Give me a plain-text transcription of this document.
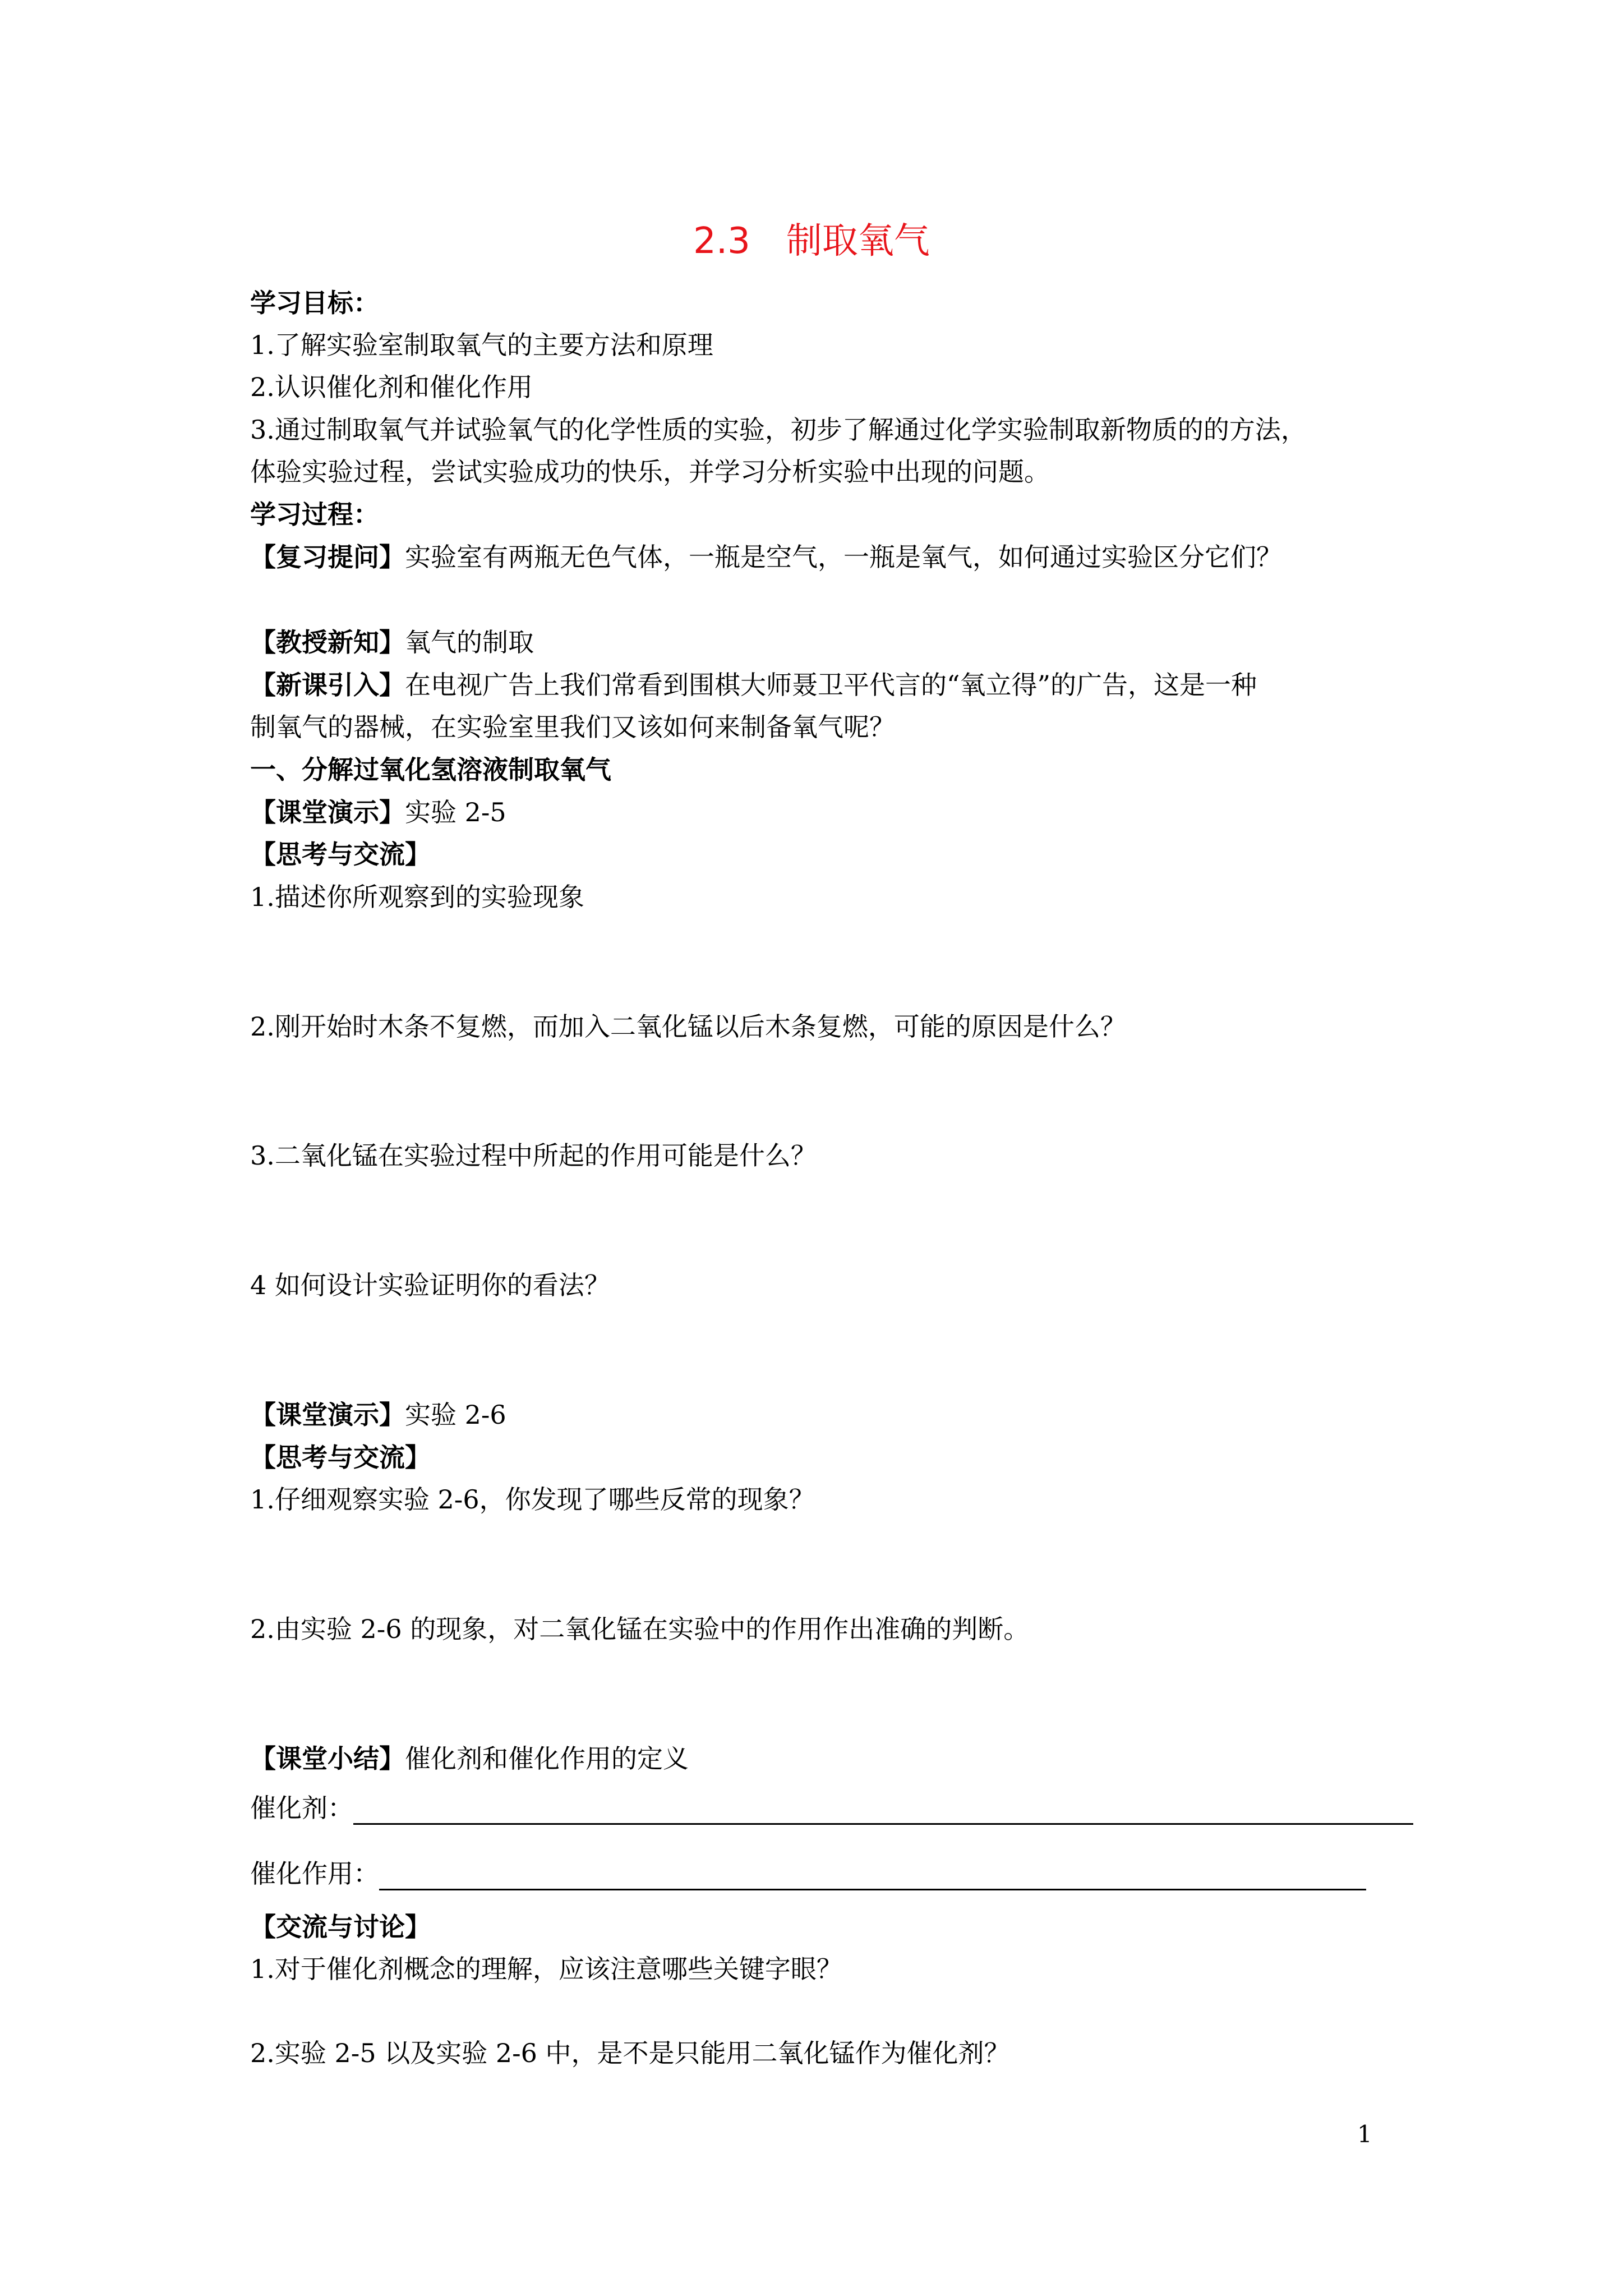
2.3　制取氧气
学习目标：
1.了解实验室制取氧气的主要方法和原理
2.认识催化剂和催化作用
3.通过制取氧气并试验氧气的化学性质的实验，初步了解通过化学实验制取新物质的的方法，
体验实验过程，尝试实验成功的快乐，并学习分析实验中出现的问题。
学习过程：
【复习提问】实验室有两瓶无色气体，一瓶是空气，一瓶是氧气，如何通过实验区分它们？
【教授新知】氧气的制取
【新课引入】在电视广告上我们常看到围棋大师聂卫平代言的“氧立得”的广告，这是一种
制氧气的器械，在实验室里我们又该如何来制备氧气呢？
一、分解过氧化氢溶液制取氧气
【课堂演示】实验 2-5
【思考与交流】
1.描述你所观察到的实验现象
2.刚开始时木条不复燃，而加入二氧化锰以后木条复燃，可能的原因是什么？
3.二氧化锰在实验过程中所起的作用可能是什么？
4 如何设计实验证明你的看法？
【课堂演示】实验 2-6
【思考与交流】
1.仔细观察实验 2-6，你发现了哪些反常的现象？
2.由实验 2-6 的现象，对二氧化锰在实验中的作用作出准确的判断。
【课堂小结】催化剂和催化作用的定义
催化剂：
催化作用：
【交流与讨论】
1.对于催化剂概念的理解，应该注意哪些关键字眼？
2.实验 2-5 以及实验 2-6 中，是不是只能用二氧化锰作为催化剂？
1
